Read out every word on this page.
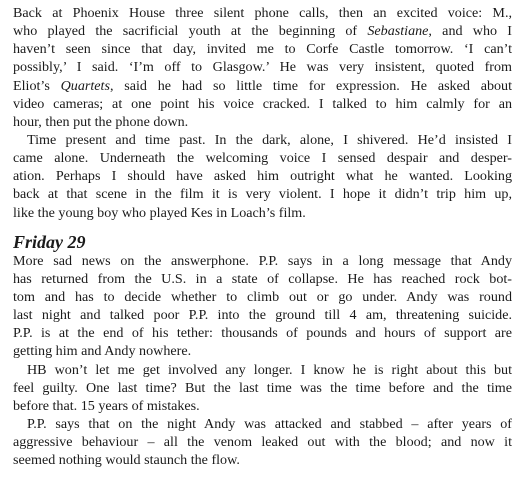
Back at Phoenix House three silent phone calls, then an excited voice: M.,
who played the sacrificial youth at the beginning of Sebastiane, and who I
haven’t seen since that day, invited me to Corfe Castle tomorrow. ‘I can’t
possibly,’ I said. ‘I’m off to Glasgow.’ He was very insistent, quoted from
Eliot’s Quartets, said he had so little time for expression. He asked about
video cameras; at one point his voice cracked. I talked to him calmly for an
hour, then put the phone down.
Time present and time past. In the dark, alone, I shivered. He’d insisted I
came alone. Underneath the welcoming voice I sensed despair and desper-
ation. Perhaps I should have asked him outright what he wanted. Looking
back at that scene in the film it is very violent. I hope it didn’t trip him up,
like the young boy who played Kes in Loach’s film.
Friday 29
More sad news on the answerphone. P.P. says in a long message that Andy
has returned from the U.S. in a state of collapse. He has reached rock bot-
tom and has to decide whether to climb out or go under. Andy was round
last night and talked poor P.P. into the ground till 4 am, threatening suicide.
P.P. is at the end of his tether: thousands of pounds and hours of support are
getting him and Andy nowhere.
HB won’t let me get involved any longer. I know he is right about this but
feel guilty. One last time? But the last time was the time before and the time
before that. 15 years of mistakes.
P.P. says that on the night Andy was attacked and stabbed – after years of
aggressive behaviour – all the venom leaked out with the blood; and now it
seemed nothing would staunch the flow.
